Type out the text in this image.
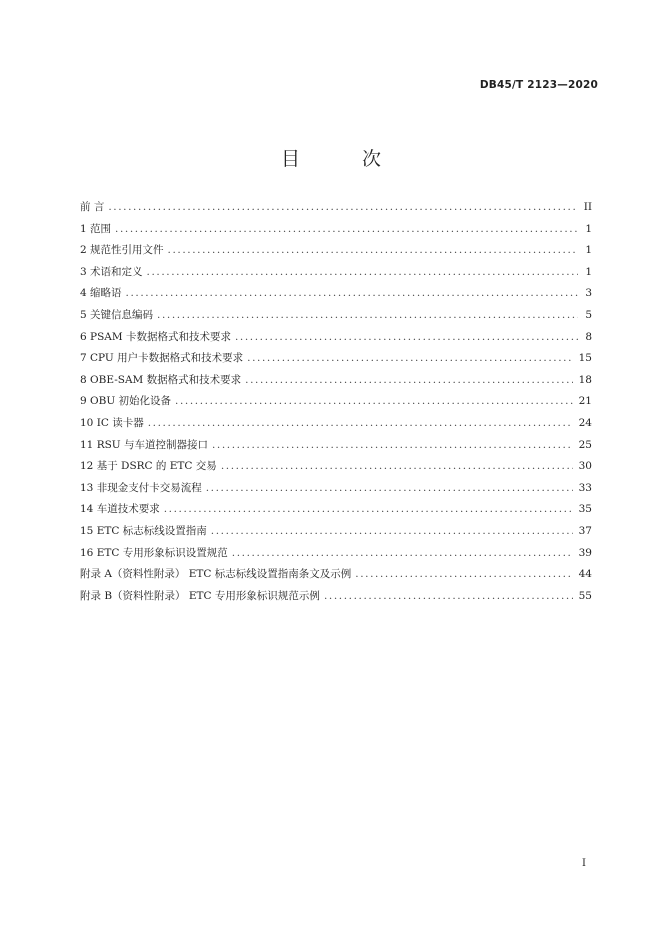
DB45/T 2123—2020
目 次
前 言 .....	II
1 范围 .....	1
2 规范性引用文件 .....	1
3 术语和定义 .....	1
4 缩略语 .....	3
5 关键信息编码 .....	5
6 PSAM 卡数据格式和技术要求 .....	8
7 CPU 用户卡数据格式和技术要求 .....	15
8 OBE-SAM 数据格式和技术要求 .....	18
9 OBU 初始化设备 .....	21
10 IC 读卡器 .....	24
11 RSU 与车道控制器接口 .....	25
12 基于 DSRC 的 ETC 交易 .....	30
13 非现金支付卡交易流程 .....	33
14 车道技术要求 .....	35
15 ETC 标志标线设置指南 .....	37
16 ETC 专用形象标识设置规范 .....	39
附录 A（资料性附录） ETC 标志标线设置指南条文及示例 .....	44
附录 B（资料性附录） ETC 专用形象标识规范示例 .....	55
I
